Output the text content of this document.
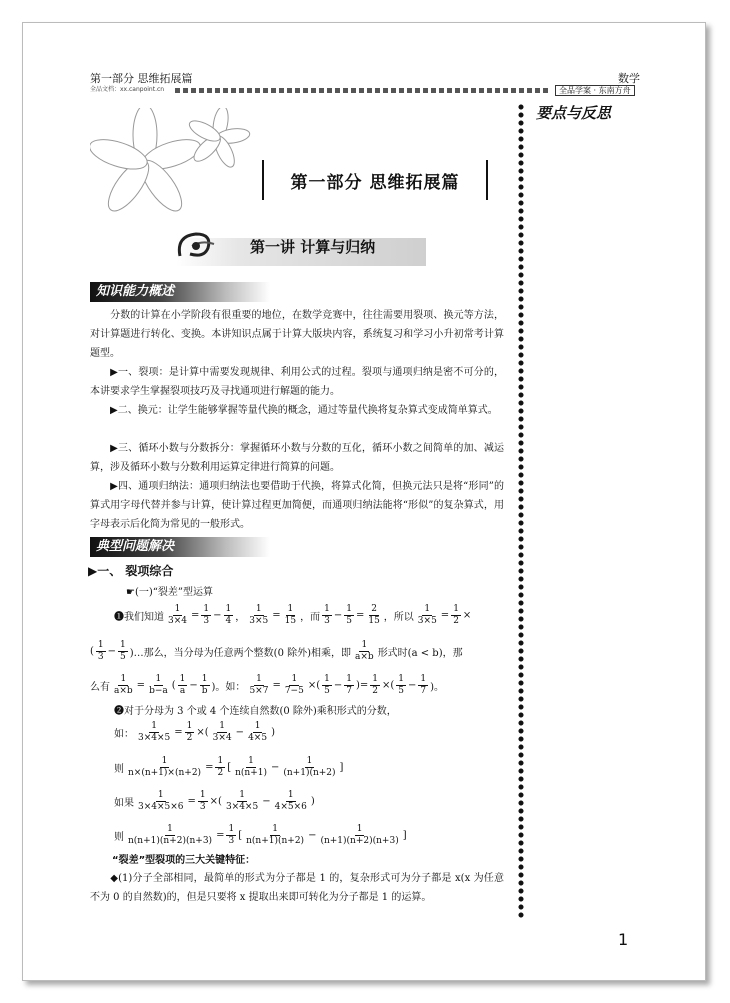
第一部分 思维拓展篇
全品文档：xx.canpoint.cn
数学
全品学案 · 东南方舟
要点与反思
第一部分 思维拓展篇
第一讲 计算与归纳
知识能力概述
分数的计算在小学阶段有很重要的地位，在数学竞赛中，往往需要用裂项、换元等方法，对计算题进行转化、变换。本讲知识点属于计算大版块内容，系统复习和学习小升初常考计算题型。
▶一、裂项：是计算中需要发现规律、利用公式的过程。裂项与通项归纳是密不可分的，本讲要求学生掌握裂项技巧及寻找通项进行解题的能力。
▶二、换元：让学生能够掌握等量代换的概念，通过等量代换将复杂算式变成简单算式。
▶三、循环小数与分数拆分：掌握循环小数与分数的互化，循环小数之间简单的加、减运算，涉及循环小数与分数利用运算定律进行简算的问题。
▶四、通项归纳法：通项归纳法也要借助于代换，将算式化简，但换元法只是将“形同”的算式用字母代替并参与计算，使计算过程更加简便，而通项归纳法能将“形似”的复杂算式，用字母表示后化简为常见的一般形式。
典型问题解决
▶一、 裂项综合
☛(一)“裂差”型运算
❶我们知道 $\frac{1}{3\times 4} = \frac{1}{3} - \frac{1}{4}$ ， $\frac{1}{3\times 5} = \frac{1}{15}$ ，而
1
$3 - \frac{1}{5} = \frac{2}{15}$ ，所以 $\frac{1}{3\times 5} = \frac{1}{2}$ ×
(
1
$3 - \frac{1}{5}$ )…那么，当分母为任意两个整数(0 除外)相乘，即
1
a×b 形式时(a < b)，那
么有 $\frac{1}{a\times b} = \frac{1}{b-a}$ (
1
$a - \frac{1}{b}$ )。如： $\frac{1}{5\times 7} = \frac{1}{7-5}$ ×(
1
$5 - \frac{1}{7}$ )= $\frac{1}{2}$ ×(
1
$5 - \frac{1}{7}$ )。
❷对于分母为 3 个或 4 个连续自然数(0 除外)乘积形式的分数，
如： $\frac{1}{3\times 4\times 5} = \frac{1}{2}$ ×(
1
$3\times 4 - \frac{1}{4\times 5}$ )
则 $\frac{1}{n\times(n+1)\times(n+2)} = \frac{1}{2}$ [
1
$n(n+1) - \frac{1}{(n+1)(n+2)}$ ]
如果 $\frac{1}{3\times 4\times 5\times 6} = \frac{1}{3}$ ×(
1
$3\times 4\times 5 - \frac{1}{4\times 5\times 6}$ )
则 $\frac{1}{n(n+1)(n+2)(n+3)} = \frac{1}{3}$ [
1
$n(n+1)(n+2) - \frac{1}{(n+1)(n+2)(n+3)}$ ]
“裂差”型裂项的三大关键特征：
◆(1)分子全部相同，最简单的形式为分子都是 1 的，复杂形式可为分子都是 x(x 为任意不为 0 的自然数)的，但是只要将 x 提取出来即可转化为分子都是 1 的运算。
1
